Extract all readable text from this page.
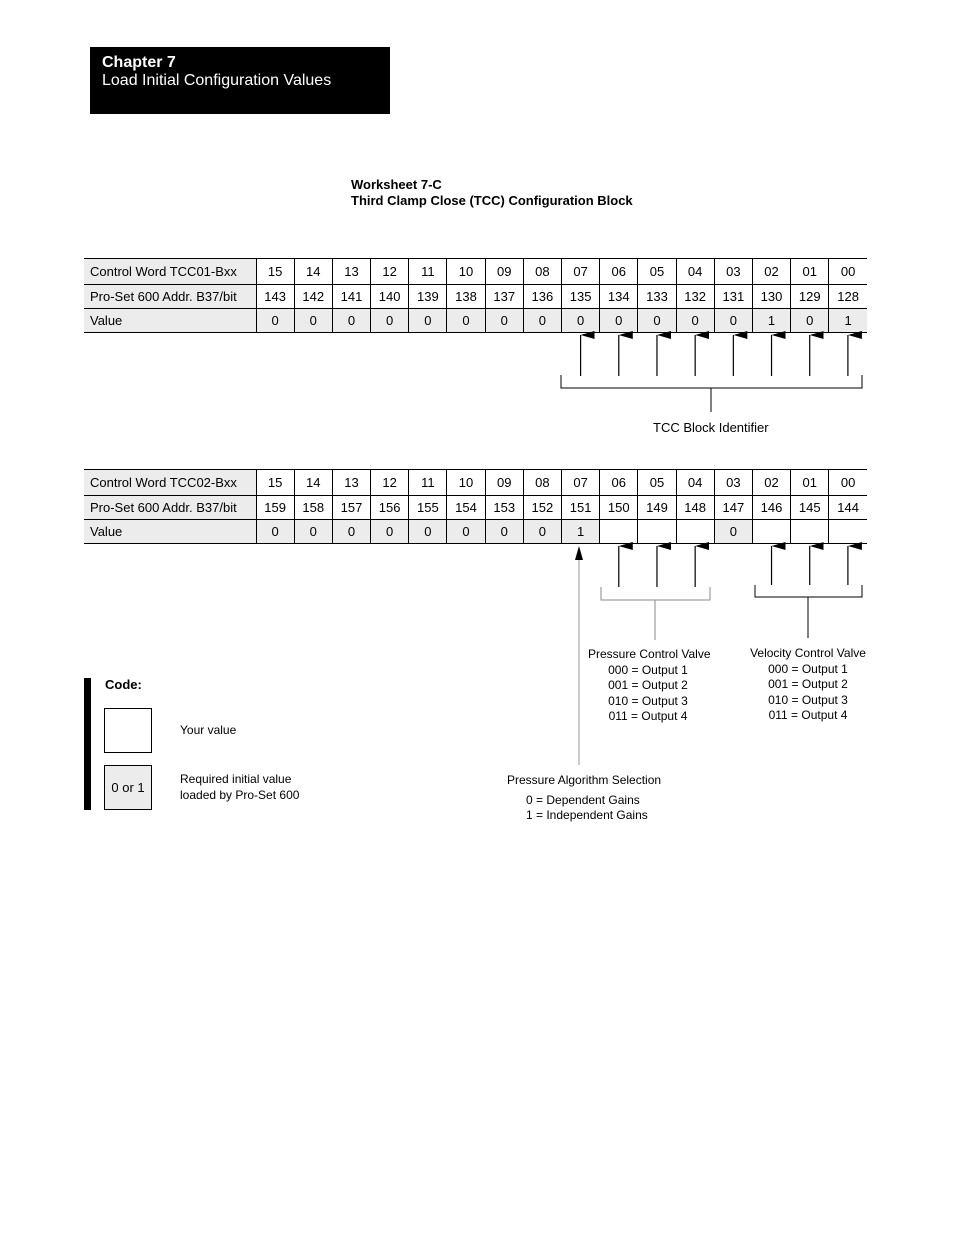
Chapter 7
Load Initial Configuration Values
Worksheet 7-C
Third Clamp Close (TCC) Configuration Block
Control Word TCC01-Bxx	15	14	13	12	11	10	09	08	07	06	05	04	03	02	01	00
Pro-Set 600 Addr. B37/bit	143	142	141	140	139	138	137	136	135	134	133	132	131	130	129	128
Value	0	0	0	0	0	0	0	0	0	0	0	0	0	1	0	1
Control Word TCC02-Bxx	15	14	13	12	11	10	09	08	07	06	05	04	03	02	01	00
Pro-Set 600 Addr. B37/bit	159	158	157	156	155	154	153	152	151	150	149	148	147	146	145	144
Value	0	0	0	0	0	0	0	0	1				0			
TCC Block Identifier
Pressure Control Valve
000 = Output 1
001 = Output 2
010 = Output 3
011 = Output 4
Velocity Control Valve
000 = Output 1
001 = Output 2
010 = Output 3
011 = Output 4
Pressure Algorithm Selection
0 = Dependent Gains
1 = Independent Gains
Code:
Your value
0 or 1
Required initial value
loaded by Pro-Set 600
